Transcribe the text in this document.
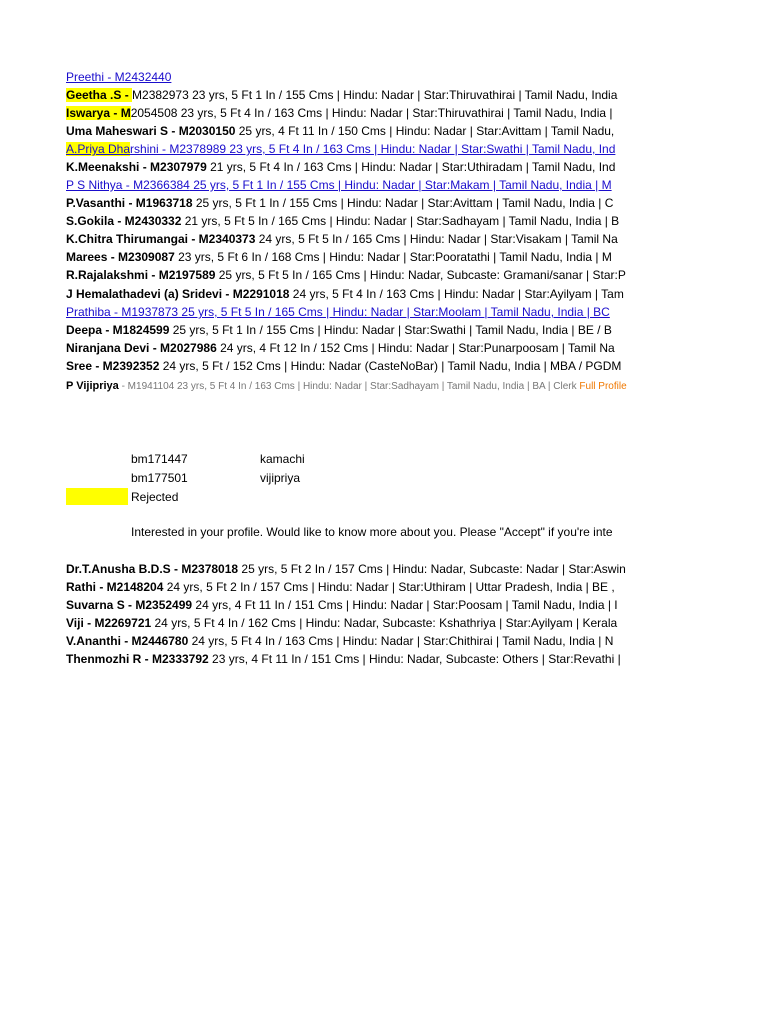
Preethi - M2432440
Geetha .S - M2382973 23 yrs, 5 Ft 1 In / 155 Cms | Hindu: Nadar | Star:Thiruvathirai | Tamil Nadu, India
Iswarya - M2054508 23 yrs, 5 Ft 4 In / 163 Cms | Hindu: Nadar | Star:Thiruvathirai | Tamil Nadu, India |
Uma Maheswari S - M2030150 25 yrs, 4 Ft 11 In / 150 Cms | Hindu: Nadar | Star:Avittam | Tamil Nadu,
A.Priya Dharshini - M2378989 23 yrs, 5 Ft 4 In / 163 Cms | Hindu: Nadar | Star:Swathi | Tamil Nadu, Ind
K.Meenakshi - M2307979 21 yrs, 5 Ft 4 In / 163 Cms | Hindu: Nadar | Star:Uthiradam | Tamil Nadu, Ind
P S Nithya - M2366384 25 yrs, 5 Ft 1 In / 155 Cms | Hindu: Nadar | Star:Makam | Tamil Nadu, India | M
P.Vasanthi - M1963718 25 yrs, 5 Ft 1 In / 155 Cms | Hindu: Nadar | Star:Avittam | Tamil Nadu, India | C
S.Gokila - M2430332 21 yrs, 5 Ft 5 In / 165 Cms | Hindu: Nadar | Star:Sadhayam | Tamil Nadu, India | B
K.Chitra Thirumangai - M2340373 24 yrs, 5 Ft 5 In / 165 Cms | Hindu: Nadar | Star:Visakam | Tamil Na
Marees - M2309087 23 yrs, 5 Ft 6 In / 168 Cms | Hindu: Nadar | Star:Pooratathi | Tamil Nadu, India | M
R.Rajalakshmi - M2197589 25 yrs, 5 Ft 5 In / 165 Cms | Hindu: Nadar, Subcaste: Gramani/sanar | Star:P
J Hemalathadevi (a) Sridevi - M2291018 24 yrs, 5 Ft 4 In / 163 Cms | Hindu: Nadar | Star:Ayilyam | Tam
Prathiba - M1937873 25 yrs, 5 Ft 5 In / 165 Cms | Hindu: Nadar | Star:Moolam | Tamil Nadu, India | BC
Deepa - M1824599 25 yrs, 5 Ft 1 In / 155 Cms | Hindu: Nadar | Star:Swathi | Tamil Nadu, India | BE / B
Niranjana Devi - M2027986 24 yrs, 4 Ft 12 In / 152 Cms | Hindu: Nadar | Star:Punarpoosam | Tamil Na
Sree - M2392352 24 yrs, 5 Ft / 152 Cms | Hindu: Nadar (CasteNoBar) | Tamil Nadu, India | MBA / PGDM
P Vijipriya - M1941104 23 yrs, 5 Ft 4 In / 163 Cms | Hindu: Nadar | Star:Sadhayam | Tamil Nadu, India | BA | Clerk Full Profile
bm171447	kamachi
bm177501	vijipriya
Rejected
Interested in your profile. Would like to know more about you. Please "Accept" if you're inte
Dr.T.Anusha B.D.S - M2378018 25 yrs, 5 Ft 2 In / 157 Cms | Hindu: Nadar, Subcaste: Nadar | Star:Aswin
Rathi - M2148204 24 yrs, 5 Ft 2 In / 157 Cms | Hindu: Nadar | Star:Uthiram | Uttar Pradesh, India | BE ,
Suvarna S - M2352499 24 yrs, 4 Ft 11 In / 151 Cms | Hindu: Nadar | Star:Poosam | Tamil Nadu, India | I
Viji - M2269721 24 yrs, 5 Ft 4 In / 162 Cms | Hindu: Nadar, Subcaste: Kshathriya | Star:Ayilyam | Kerala
V.Ananthi - M2446780 24 yrs, 5 Ft 4 In / 163 Cms | Hindu: Nadar | Star:Chithirai | Tamil Nadu, India | N
Thenmozhi R - M2333792 23 yrs, 4 Ft 11 In / 151 Cms | Hindu: Nadar, Subcaste: Others | Star:Revathi |
